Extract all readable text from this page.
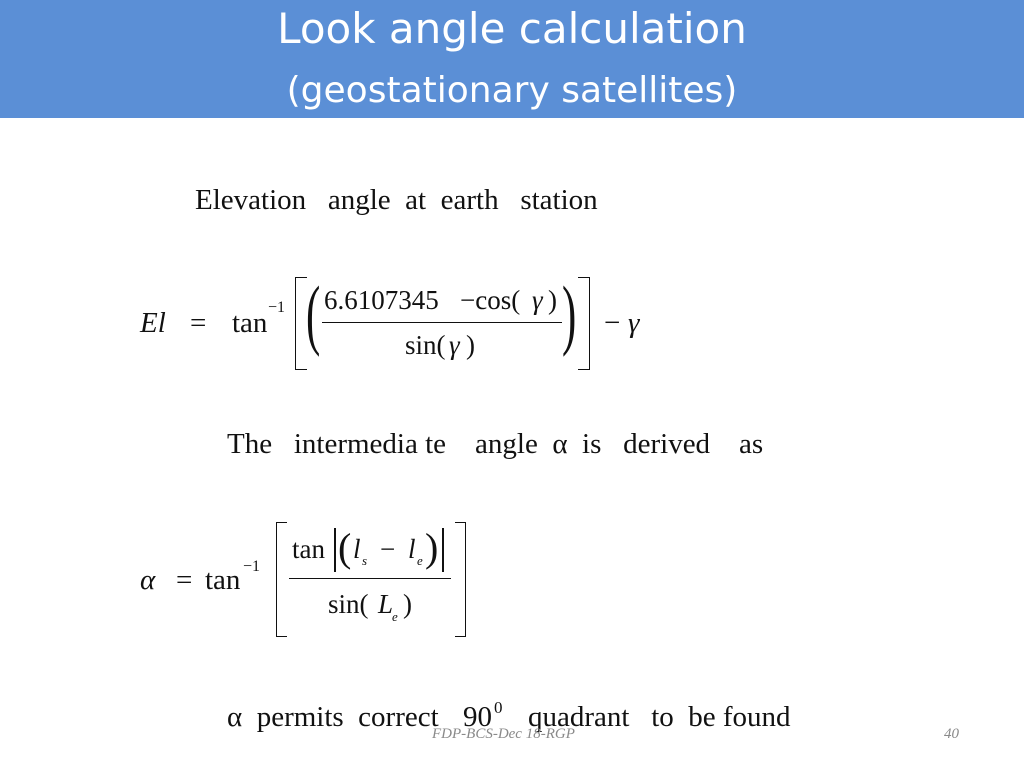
Look angle calculation
(geostationary satellites)
Elevation   angle  at  earth   station
El = tan −1 (	)
6.6107345 −cos( γ )
sin( γ )
− γ
The   intermedia te    angle  α  is   derived    as
α = tan −1
tan ( l s − l e )
sin( L
e )
α  permits  correct 90 0 quadrant   to  be found
FDP-BCS-Dec 18-RGP	40
